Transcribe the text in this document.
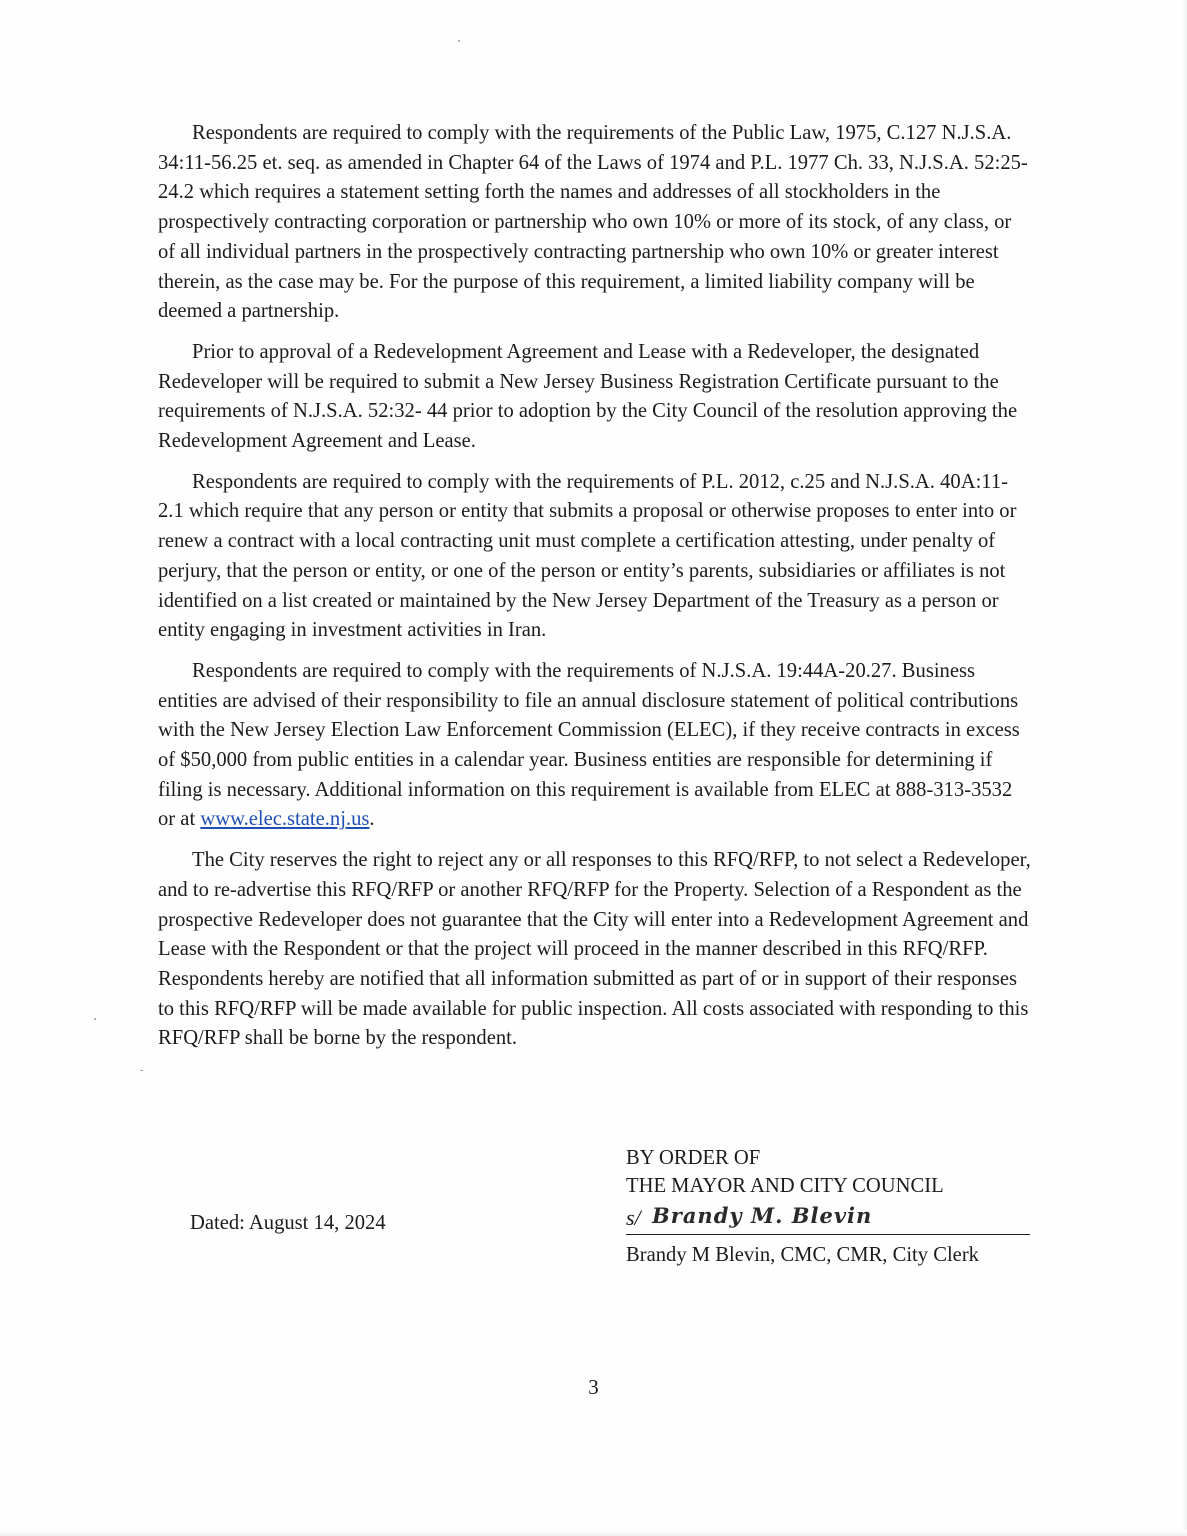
Respondents are required to comply with the requirements of the Public Law, 1975, C.127 N.J.S.A. 34:11-56.25 et. seq. as amended in Chapter 64 of the Laws of 1974 and P.L. 1977 Ch. 33, N.J.S.A. 52:25-24.2 which requires a statement setting forth the names and addresses of all stockholders in the prospectively contracting corporation or partnership who own 10% or more of its stock, of any class, or of all individual partners in the prospectively contracting partnership who own 10% or greater interest therein, as the case may be. For the purpose of this requirement, a limited liability company will be deemed a partnership.

Prior to approval of a Redevelopment Agreement and Lease with a Redeveloper, the designated Redeveloper will be required to submit a New Jersey Business Registration Certificate pursuant to the requirements of N.J.S.A. 52:32- 44 prior to adoption by the City Council of the resolution approving the Redevelopment Agreement and Lease.

Respondents are required to comply with the requirements of P.L. 2012, c.25 and N.J.S.A. 40A:11-2.1 which require that any person or entity that submits a proposal or otherwise proposes to enter into or renew a contract with a local contracting unit must complete a certification attesting, under penalty of perjury, that the person or entity, or one of the person or entity’s parents, subsidiaries or affiliates is not identified on a list created or maintained by the New Jersey Department of the Treasury as a person or entity engaging in investment activities in Iran.

Respondents are required to comply with the requirements of N.J.S.A. 19:44A-20.27. Business entities are advised of their responsibility to file an annual disclosure statement of political contributions with the New Jersey Election Law Enforcement Commission (ELEC), if they receive contracts in excess of $50,000 from public entities in a calendar year. Business entities are responsible for determining if filing is necessary. Additional information on this requirement is available from ELEC at 888-313-3532 or at www.elec.state.nj.us.

The City reserves the right to reject any or all responses to this RFQ/RFP, to not select a Redeveloper, and to re-advertise this RFQ/RFP or another RFQ/RFP for the Property. Selection of a Respondent as the prospective Redeveloper does not guarantee that the City will enter into a Redevelopment Agreement and Lease with the Respondent or that the project will proceed in the manner described in this RFQ/RFP. Respondents hereby are notified that all information submitted as part of or in support of their responses to this RFQ/RFP will be made available for public inspection. All costs associated with responding to this RFQ/RFP shall be borne by the respondent.

Dated: August 14, 2024
BY ORDER OF
THE MAYOR AND CITY COUNCIL
s/ Brandy M. Blevin
Brandy M Blevin, CMC, CMR, City Clerk
3
